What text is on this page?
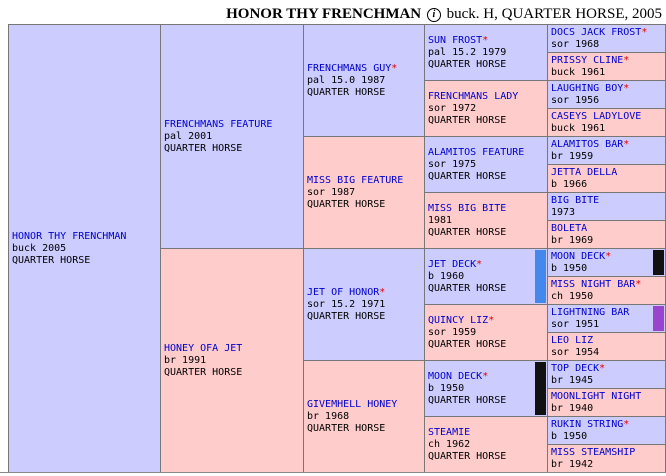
HONOR THY FRENCHMAN i buck. H, QUARTER HORSE, 2005
HONOR THY FRENCHMAN
buck 2005
QUARTER HORSE
FRENCHMANS FEATURE
pal 2001
QUARTER HORSE
HONEY OFA JET
br 1991
QUARTER HORSE
FRENCHMANS GUY*
pal 15.0 1987
QUARTER HORSE
MISS BIG FEATURE
sor 1987
QUARTER HORSE
JET OF HONOR*
sor 15.2 1971
QUARTER HORSE
GIVEMHELL HONEY
br 1968
QUARTER HORSE
SUN FROST*
pal 15.2 1979
QUARTER HORSE
FRENCHMANS LADY
sor 1972
QUARTER HORSE
ALAMITOS FEATURE
sor 1975
QUARTER HORSE
MISS BIG BITE
1981
QUARTER HORSE
JET DECK*
b 1960
QUARTER HORSE
QUINCY LIZ*
sor 1959
QUARTER HORSE
MOON DECK*
b 1950
QUARTER HORSE
STEAMIE
ch 1962
QUARTER HORSE
DOCS JACK FROST*
sor 1968
PRISSY CLINE*
buck 1961
LAUGHING BOY*
sor 1956
CASEYS LADYLOVE
buck 1961
ALAMITOS BAR*
br 1959
JETTA DELLA
b 1966
BIG BITE
1973
BOLETA
br 1969
MOON DECK*
b 1950
MISS NIGHT BAR*
ch 1950
LIGHTNING BAR
sor 1951
LEO LIZ
sor 1954
TOP DECK*
br 1945
MOONLIGHT NIGHT
br 1940
RUKIN STRING*
b 1950
MISS STEAMSHIP
br 1942
